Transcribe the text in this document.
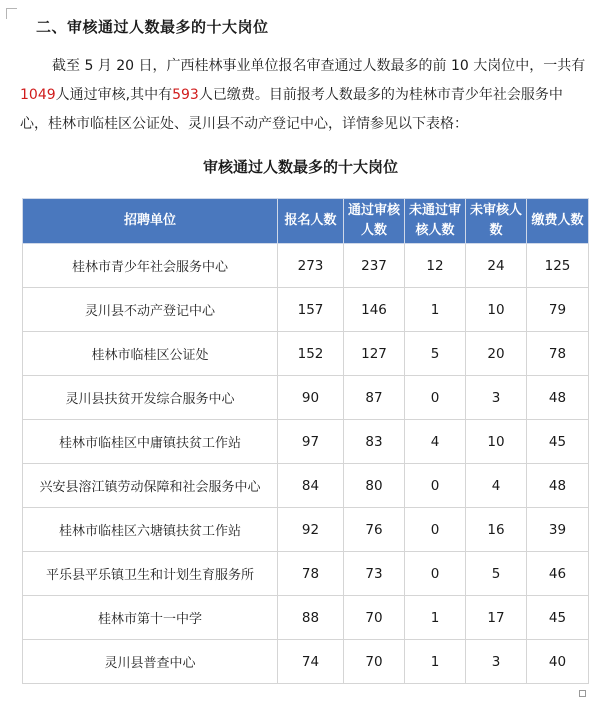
二、审核通过人数最多的十大岗位

截至 5 月 20 日，广西桂林事业单位报名审查通过人数最多的前 10 大岗位中，一共有1049人通过审核,其中有593人已缴费。目前报考人数最多的为桂林市青少年社会服务中心，桂林市临桂区公证处、灵川县不动产登记中心，详情参见以下表格：

审核通过人数最多的十大岗位
招聘单位	报名人数	通过审核人数	未通过审核人数	未审核人数	缴费人数
桂林市青少年社会服务中心	273	237	12	24	125
灵川县不动产登记中心	157	146	1	10	79
桂林市临桂区公证处	152	127	5	20	78
灵川县扶贫开发综合服务中心	90	87	0	3	48
桂林市临桂区中庸镇扶贫工作站	97	83	4	10	45
兴安县溶江镇劳动保障和社会服务中心	84	80	0	4	48
桂林市临桂区六塘镇扶贫工作站	92	76	0	16	39
平乐县平乐镇卫生和计划生育服务所	78	73	0	5	46
桂林市第十一中学	88	70	1	17	45
灵川县普查中心	74	70	1	3	40
